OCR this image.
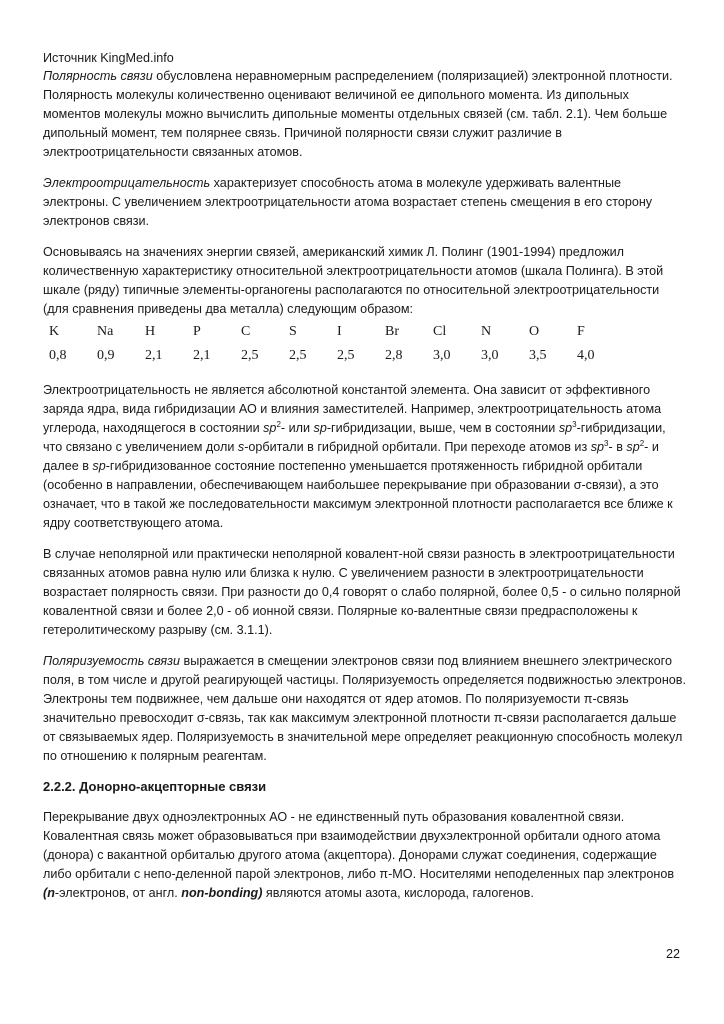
Источник KingMed.info

Полярность связи обусловлена неравномерным распределением (поляризацией) электронной плотности. Полярность молекулы количественно оценивают величиной ее дипольного момента. Из дипольных моментов молекулы можно вычислить дипольные моменты отдельных связей (см. табл. 2.1). Чем больше дипольный момент, тем полярнее связь. Причиной полярности связи служит различие в электроотрицательности связанных атомов.

Электроотрицательность характеризует способность атома в молекуле удерживать валентные электроны. С увеличением электроотрицательности атома возрастает степень смещения в его сторону электронов связи.

Основываясь на значениях энергии связей, американский химик Л. Полинг (1901-1994) предложил количественную характеристику относительной электроотрицательности атомов (шкала Полинга). В этой шкале (ряду) типичные элементы-органогены располагаются по относительной электроотрицательности (для сравнения приведены два металла) следующим образом:

K	Na	H	P	C	S	I	Br	Cl	N	O	F
0,8	0,9	2,1	2,1	2,5	2,5	2,5	2,8	3,0	3,0	3,5	4,0

Электроотрицательность не является абсолютной константой элемента. Она зависит от эффективного заряда ядра, вида гибридизации АО и влияния заместителей. Например, электроотрицательность атома углерода, находящегося в состоянии $sp^2-$ или sp-гибридизации, выше, чем в состоянии $sp^3$-гибридизации, что связано с увеличением доли s-орбитали в гибридной орбитали. При переходе атомов из $sp^3-$ в $sp^2-$ и далее в sp-гибридизованное состояние постепенно уменьшается протяженность гибридной орбитали (особенно в направлении, обеспечивающем наибольшее перекрывание при образовании σ-связи), а это означает, что в такой же последовательности максимум электронной плотности располагается все ближе к ядру соответствующего атома.

В случае неполярной или практически неполярной ковалент-ной связи разность в электроотрицательности связанных атомов равна нулю или близка к нулю. С увеличением разности в электроотрицательности возрастает полярность связи. При разности до 0,4 говорят о слабо полярной, более 0,5 - о сильно полярной ковалентной связи и более 2,0 - об ионной связи. Полярные ко-валентные связи предрасположены к гетеролитическому разрыву (см. 3.1.1).

Поляризуемость связи выражается в смещении электронов связи под влиянием внешнего электрического поля, в том числе и другой реагирующей частицы. Поляризуемость определяется подвижностью электронов. Электроны тем подвижнее, чем дальше они находятся от ядер атомов. По поляризуемости π-связь значительно превосходит σ-связь, так как максимум электронной плотности π-связи располагается дальше от связываемых ядер. Поляризуемость в значительной мере определяет реакционную способность молекул по отношению к полярным реагентам.

2.2.2. Донорно-акцепторные связи

Перекрывание двух одноэлектронных АО - не единственный путь образования ковалентной связи. Ковалентная связь может образовываться при взаимодействии двухэлектронной орбитали одного атома (донора) с вакантной орбиталью другого атома (акцептора). Донорами служат соединения, содержащие либо орбитали с непо-деленной парой электронов, либо π-МО. Носителями неподеленных пар электронов (n-электронов, от англ. non-bonding) являются атомы азота, кислорода, галогенов.

22
